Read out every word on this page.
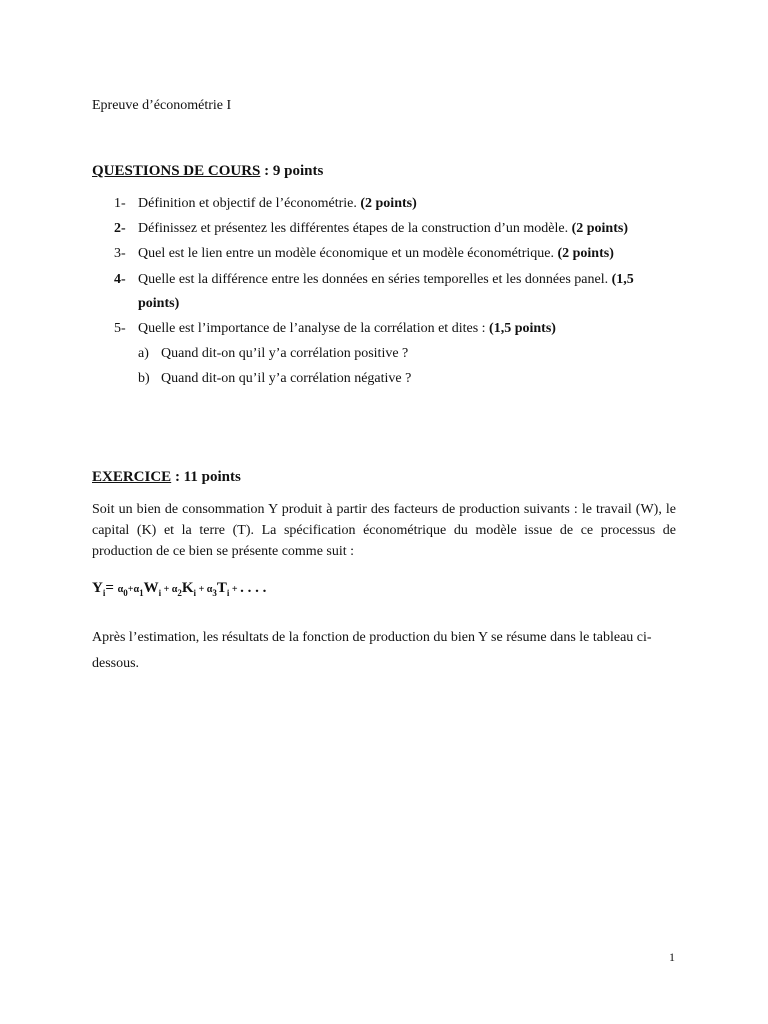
Epreuve d’économétrie I
QUESTIONS DE COURS : 9 points
1- Définition et objectif de l’économétrie. (2 points)
2- Définissez et présentez les différentes étapes de la construction d’un modèle. (2 points)
3- Quel est le lien entre un modèle économique et un modèle économétrique. (2 points)
4- Quelle est la différence entre les données en séries temporelles et les données panel. (1,5
points)
5- Quelle est l’importance de l’analyse de la corrélation et dites : (1,5 points)
a) Quand dit-on qu’il y’a corrélation positive ?
b) Quand dit-on qu’il y’a corrélation négative ?
EXERCICE : 11 points
Soit un bien de consommation Y produit à partir des facteurs de production suivants : le travail (W), le capital (K) et la terre (T). La spécification économétrique du modèle issue de ce processus de production de ce bien se présente comme suit :
$Y_i= \alpha_0+\alpha_1W_i + \alpha_2K_i + \alpha_3T_i$ + . . . .
Après l’estimation, les résultats de la fonction de production du bien Y se résume dans le tableau ci-dessous.
1
